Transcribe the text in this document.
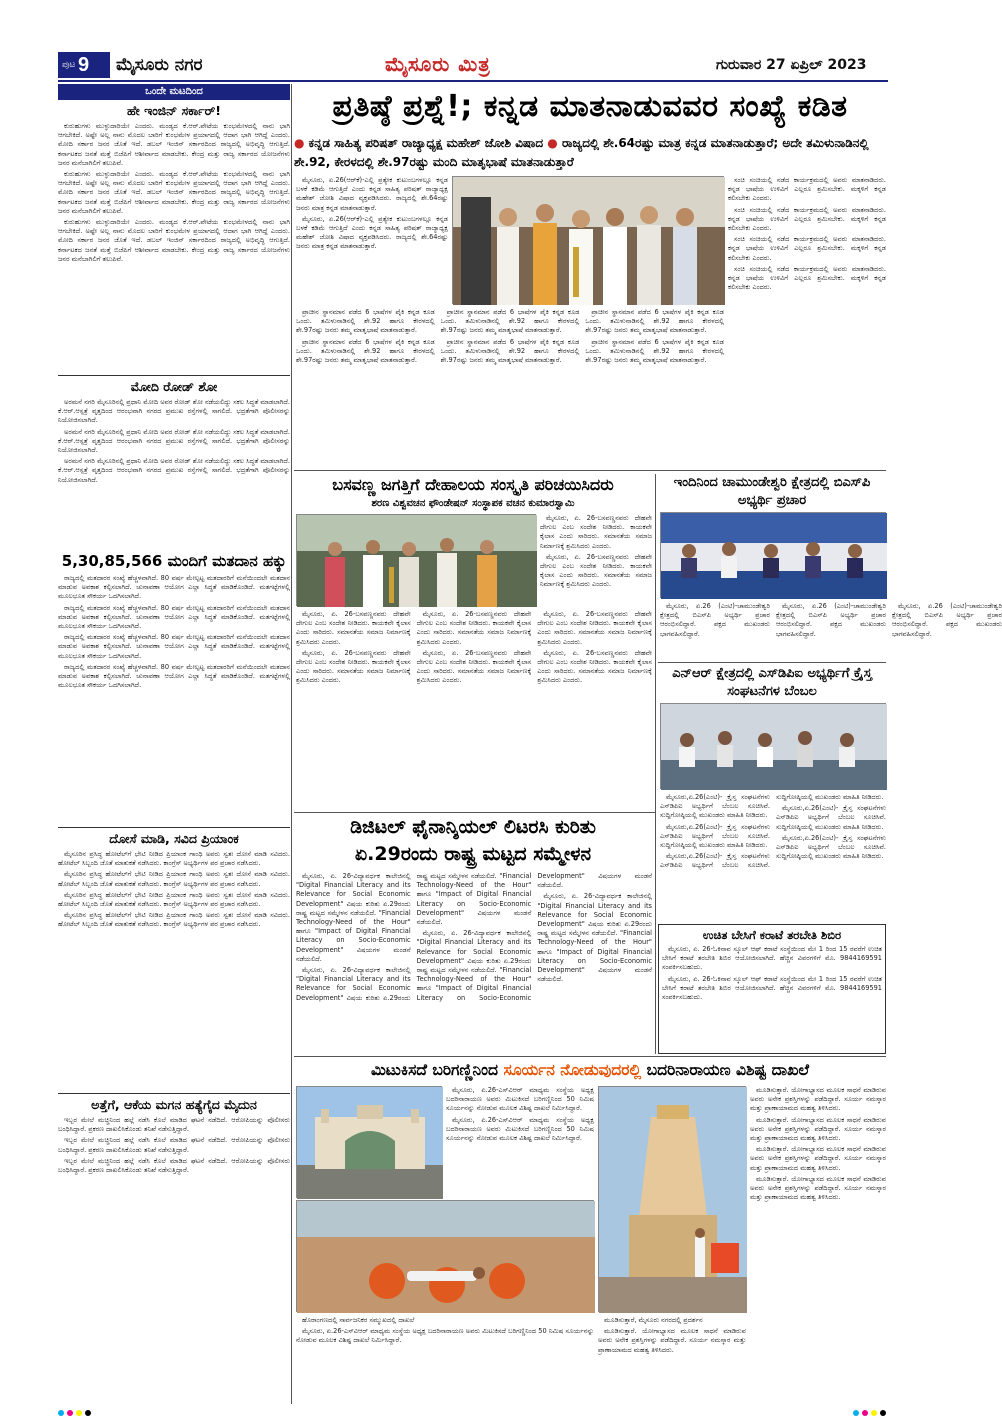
ಪುಟ 9 ಮೈಸೂರು ನಗರ	ಮೈಸೂರು ಮಿತ್ರ	ಗುರುವಾರ 27 ಏಪ್ರಿಲ್ 2023
ಒಂದೇ ಮಟದಿಂದ
ಹೇ ಇಂಜಿನ್ ಸರ್ಕಾರ್!

ಕುರುಹುಗಳು ಮುಳ್ಳುದಾರಿಯೇ ಎಂದರು. ಮಂಡ್ಯದ ಕೆ.ಆರ್.ಪೇಟೆಯ ಕುಂಭಮೇಳದಲ್ಲಿ ನಾನು ಭಾಗಿ ಆಗಬೇಕಿದೆ. ಅಷ್ಟೇ ಅಲ್ಲ ನಾನು ಮೊದಲ ಬಾರಿಗೆ ಕುಂಭಮೇಳ ಪ್ರಯಾಗದಲ್ಲಿ ಆದಾಗ ಭಾಗಿ ಆಗಿದ್ದೆ ಎಂದರು. ಮೋದಿ ಸರ್ಕಾರ ಜನರ ಜೊತೆ ಇದೆ. ಡಬಲ್ ಇಂಜಿನ್ ಸರ್ಕಾರದಿಂದ ರಾಜ್ಯದಲ್ಲಿ ಅಭಿವೃದ್ಧಿ ಆಗುತ್ತಿದೆ. ಕರ್ನಾಟಕದ ಜನತೆ ಮತ್ತೆ ಬಿಜೆಪಿಗೆ ಆಶೀರ್ವಾದ ಮಾಡಬೇಕು. ಕೇಂದ್ರ ಮತ್ತು ರಾಜ್ಯ ಸರ್ಕಾರದ ಯೋಜನೆಗಳು ಜನರ ಮನೆಬಾಗಿಲಿಗೆ ತಲುಪಿವೆ.

ಕುರುಹುಗಳು ಮುಳ್ಳುದಾರಿಯೇ ಎಂದರು. ಮಂಡ್ಯದ ಕೆ.ಆರ್.ಪೇಟೆಯ ಕುಂಭಮೇಳದಲ್ಲಿ ನಾನು ಭಾಗಿ ಆಗಬೇಕಿದೆ. ಅಷ್ಟೇ ಅಲ್ಲ ನಾನು ಮೊದಲ ಬಾರಿಗೆ ಕುಂಭಮೇಳ ಪ್ರಯಾಗದಲ್ಲಿ ಆದಾಗ ಭಾಗಿ ಆಗಿದ್ದೆ ಎಂದರು. ಮೋದಿ ಸರ್ಕಾರ ಜನರ ಜೊತೆ ಇದೆ. ಡಬಲ್ ಇಂಜಿನ್ ಸರ್ಕಾರದಿಂದ ರಾಜ್ಯದಲ್ಲಿ ಅಭಿವೃದ್ಧಿ ಆಗುತ್ತಿದೆ. ಕರ್ನಾಟಕದ ಜನತೆ ಮತ್ತೆ ಬಿಜೆಪಿಗೆ ಆಶೀರ್ವಾದ ಮಾಡಬೇಕು. ಕೇಂದ್ರ ಮತ್ತು ರಾಜ್ಯ ಸರ್ಕಾರದ ಯೋಜನೆಗಳು ಜನರ ಮನೆಬಾಗಿಲಿಗೆ ತಲುಪಿವೆ.

ಕುರುಹುಗಳು ಮುಳ್ಳುದಾರಿಯೇ ಎಂದರು. ಮಂಡ್ಯದ ಕೆ.ಆರ್.ಪೇಟೆಯ ಕುಂಭಮೇಳದಲ್ಲಿ ನಾನು ಭಾಗಿ ಆಗಬೇಕಿದೆ. ಅಷ್ಟೇ ಅಲ್ಲ ನಾನು ಮೊದಲ ಬಾರಿಗೆ ಕುಂಭಮೇಳ ಪ್ರಯಾಗದಲ್ಲಿ ಆದಾಗ ಭಾಗಿ ಆಗಿದ್ದೆ ಎಂದರು. ಮೋದಿ ಸರ್ಕಾರ ಜನರ ಜೊತೆ ಇದೆ. ಡಬಲ್ ಇಂಜಿನ್ ಸರ್ಕಾರದಿಂದ ರಾಜ್ಯದಲ್ಲಿ ಅಭಿವೃದ್ಧಿ ಆಗುತ್ತಿದೆ. ಕರ್ನಾಟಕದ ಜನತೆ ಮತ್ತೆ ಬಿಜೆಪಿಗೆ ಆಶೀರ್ವಾದ ಮಾಡಬೇಕು. ಕೇಂದ್ರ ಮತ್ತು ರಾಜ್ಯ ಸರ್ಕಾರದ ಯೋಜನೆಗಳು ಜನರ ಮನೆಬಾಗಿಲಿಗೆ ತಲುಪಿವೆ.

ಮೋದಿ ರೋಡ್ ಶೋ

ಅರಮನೆ ನಗರಿ ಮೈಸೂರಿನಲ್ಲಿ ಪ್ರಧಾನಿ ಮೋದಿ ಅವರ ರೋಡ್ ಶೋ ನಡೆಯಲಿದ್ದು ಸಕಲ ಸಿದ್ಧತೆ ಮಾಡಲಾಗಿದೆ. ಕೆ.ಆರ್.ಆಸ್ಪತ್ರೆ ವೃತ್ತದಿಂದ ಆರಂಭವಾಗಿ ನಗರದ ಪ್ರಮುಖ ರಸ್ತೆಗಳಲ್ಲಿ ಸಾಗಲಿದೆ. ಭದ್ರತೆಗಾಗಿ ಪೊಲೀಸರನ್ನು ನಿಯೋಜಿಸಲಾಗಿದೆ.

ಅರಮನೆ ನಗರಿ ಮೈಸೂರಿನಲ್ಲಿ ಪ್ರಧಾನಿ ಮೋದಿ ಅವರ ರೋಡ್ ಶೋ ನಡೆಯಲಿದ್ದು ಸಕಲ ಸಿದ್ಧತೆ ಮಾಡಲಾಗಿದೆ. ಕೆ.ಆರ್.ಆಸ್ಪತ್ರೆ ವೃತ್ತದಿಂದ ಆರಂಭವಾಗಿ ನಗರದ ಪ್ರಮುಖ ರಸ್ತೆಗಳಲ್ಲಿ ಸಾಗಲಿದೆ. ಭದ್ರತೆಗಾಗಿ ಪೊಲೀಸರನ್ನು ನಿಯೋಜಿಸಲಾಗಿದೆ.

ಅರಮನೆ ನಗರಿ ಮೈಸೂರಿನಲ್ಲಿ ಪ್ರಧಾನಿ ಮೋದಿ ಅವರ ರೋಡ್ ಶೋ ನಡೆಯಲಿದ್ದು ಸಕಲ ಸಿದ್ಧತೆ ಮಾಡಲಾಗಿದೆ. ಕೆ.ಆರ್.ಆಸ್ಪತ್ರೆ ವೃತ್ತದಿಂದ ಆರಂಭವಾಗಿ ನಗರದ ಪ್ರಮುಖ ರಸ್ತೆಗಳಲ್ಲಿ ಸಾಗಲಿದೆ. ಭದ್ರತೆಗಾಗಿ ಪೊಲೀಸರನ್ನು ನಿಯೋಜಿಸಲಾಗಿದೆ.

5,30,85,566 ಮಂದಿಗೆ ಮತದಾನ ಹಕ್ಕು

ರಾಜ್ಯದಲ್ಲಿ ಮತದಾರರ ಸಂಖ್ಯೆ ಹೆಚ್ಚಳವಾಗಿದೆ. 80 ವರ್ಷ ಮೇಲ್ಪಟ್ಟ ಮತದಾರರಿಗೆ ಮನೆಯಿಂದಲೇ ಮತದಾನ ಮಾಡುವ ಅವಕಾಶ ಕಲ್ಪಿಸಲಾಗಿದೆ. ಚುನಾವಣಾ ಆಯೋಗ ಎಲ್ಲಾ ಸಿದ್ಧತೆ ಮಾಡಿಕೊಂಡಿದೆ. ಮತಗಟ್ಟೆಗಳಲ್ಲಿ ಮೂಲಭೂತ ಸೌಕರ್ಯ ಒದಗಿಸಲಾಗಿದೆ.

ರಾಜ್ಯದಲ್ಲಿ ಮತದಾರರ ಸಂಖ್ಯೆ ಹೆಚ್ಚಳವಾಗಿದೆ. 80 ವರ್ಷ ಮೇಲ್ಪಟ್ಟ ಮತದಾರರಿಗೆ ಮನೆಯಿಂದಲೇ ಮತದಾನ ಮಾಡುವ ಅವಕಾಶ ಕಲ್ಪಿಸಲಾಗಿದೆ. ಚುನಾವಣಾ ಆಯೋಗ ಎಲ್ಲಾ ಸಿದ್ಧತೆ ಮಾಡಿಕೊಂಡಿದೆ. ಮತಗಟ್ಟೆಗಳಲ್ಲಿ ಮೂಲಭೂತ ಸೌಕರ್ಯ ಒದಗಿಸಲಾಗಿದೆ.

ರಾಜ್ಯದಲ್ಲಿ ಮತದಾರರ ಸಂಖ್ಯೆ ಹೆಚ್ಚಳವಾಗಿದೆ. 80 ವರ್ಷ ಮೇಲ್ಪಟ್ಟ ಮತದಾರರಿಗೆ ಮನೆಯಿಂದಲೇ ಮತದಾನ ಮಾಡುವ ಅವಕಾಶ ಕಲ್ಪಿಸಲಾಗಿದೆ. ಚುನಾವಣಾ ಆಯೋಗ ಎಲ್ಲಾ ಸಿದ್ಧತೆ ಮಾಡಿಕೊಂಡಿದೆ. ಮತಗಟ್ಟೆಗಳಲ್ಲಿ ಮೂಲಭೂತ ಸೌಕರ್ಯ ಒದಗಿಸಲಾಗಿದೆ.

ರಾಜ್ಯದಲ್ಲಿ ಮತದಾರರ ಸಂಖ್ಯೆ ಹೆಚ್ಚಳವಾಗಿದೆ. 80 ವರ್ಷ ಮೇಲ್ಪಟ್ಟ ಮತದಾರರಿಗೆ ಮನೆಯಿಂದಲೇ ಮತದಾನ ಮಾಡುವ ಅವಕಾಶ ಕಲ್ಪಿಸಲಾಗಿದೆ. ಚುನಾವಣಾ ಆಯೋಗ ಎಲ್ಲಾ ಸಿದ್ಧತೆ ಮಾಡಿಕೊಂಡಿದೆ. ಮತಗಟ್ಟೆಗಳಲ್ಲಿ ಮೂಲಭೂತ ಸೌಕರ್ಯ ಒದಗಿಸಲಾಗಿದೆ.

ದೋಸೆ ಮಾಡಿ, ಸವಿದ ಪ್ರಿಯಾಂಕ

ಮೈಸೂರಿನ ಪ್ರಸಿದ್ಧ ಹೋಟೆಲ್‌ಗೆ ಭೇಟಿ ನೀಡಿದ ಪ್ರಿಯಾಂಕ ಗಾಂಧಿ ಅವರು ಸ್ವತಃ ದೋಸೆ ಮಾಡಿ ಸವಿದರು. ಹೋಟೆಲ್ ಸಿಬ್ಬಂದಿ ಜೊತೆ ಮಾತುಕತೆ ನಡೆಸಿದರು. ಕಾಂಗ್ರೆಸ್ ಅಭ್ಯರ್ಥಿಗಳ ಪರ ಪ್ರಚಾರ ನಡೆಸಿದರು.

ಮೈಸೂರಿನ ಪ್ರಸಿದ್ಧ ಹೋಟೆಲ್‌ಗೆ ಭೇಟಿ ನೀಡಿದ ಪ್ರಿಯಾಂಕ ಗಾಂಧಿ ಅವರು ಸ್ವತಃ ದೋಸೆ ಮಾಡಿ ಸವಿದರು. ಹೋಟೆಲ್ ಸಿಬ್ಬಂದಿ ಜೊತೆ ಮಾತುಕತೆ ನಡೆಸಿದರು. ಕಾಂಗ್ರೆಸ್ ಅಭ್ಯರ್ಥಿಗಳ ಪರ ಪ್ರಚಾರ ನಡೆಸಿದರು.

ಮೈಸೂರಿನ ಪ್ರಸಿದ್ಧ ಹೋಟೆಲ್‌ಗೆ ಭೇಟಿ ನೀಡಿದ ಪ್ರಿಯಾಂಕ ಗಾಂಧಿ ಅವರು ಸ್ವತಃ ದೋಸೆ ಮಾಡಿ ಸವಿದರು. ಹೋಟೆಲ್ ಸಿಬ್ಬಂದಿ ಜೊತೆ ಮಾತುಕತೆ ನಡೆಸಿದರು. ಕಾಂಗ್ರೆಸ್ ಅಭ್ಯರ್ಥಿಗಳ ಪರ ಪ್ರಚಾರ ನಡೆಸಿದರು.

ಮೈಸೂರಿನ ಪ್ರಸಿದ್ಧ ಹೋಟೆಲ್‌ಗೆ ಭೇಟಿ ನೀಡಿದ ಪ್ರಿಯಾಂಕ ಗಾಂಧಿ ಅವರು ಸ್ವತಃ ದೋಸೆ ಮಾಡಿ ಸವಿದರು. ಹೋಟೆಲ್ ಸಿಬ್ಬಂದಿ ಜೊತೆ ಮಾತುಕತೆ ನಡೆಸಿದರು. ಕಾಂಗ್ರೆಸ್ ಅಭ್ಯರ್ಥಿಗಳ ಪರ ಪ್ರಚಾರ ನಡೆಸಿದರು.

ಅತ್ತೆಗೆ, ಆಕೆಯ ಮಗನ ಹತ್ಯೆಗೈದ ಮೈದುನ

ಇಬ್ಬರ ಮೇಲೆ ಮಚ್ಚಿನಿಂದ ಹಲ್ಲೆ ನಡೆಸಿ ಕೊಲೆ ಮಾಡಿದ ಘಟನೆ ನಡೆದಿದೆ. ಆರೋಪಿಯನ್ನು ಪೊಲೀಸರು ಬಂಧಿಸಿದ್ದಾರೆ. ಪ್ರಕರಣ ದಾಖಲಿಸಿಕೊಂಡು ತನಿಖೆ ನಡೆಸುತ್ತಿದ್ದಾರೆ.

ಇಬ್ಬರ ಮೇಲೆ ಮಚ್ಚಿನಿಂದ ಹಲ್ಲೆ ನಡೆಸಿ ಕೊಲೆ ಮಾಡಿದ ಘಟನೆ ನಡೆದಿದೆ. ಆರೋಪಿಯನ್ನು ಪೊಲೀಸರು ಬಂಧಿಸಿದ್ದಾರೆ. ಪ್ರಕರಣ ದಾಖಲಿಸಿಕೊಂಡು ತನಿಖೆ ನಡೆಸುತ್ತಿದ್ದಾರೆ.

ಇಬ್ಬರ ಮೇಲೆ ಮಚ್ಚಿನಿಂದ ಹಲ್ಲೆ ನಡೆಸಿ ಕೊಲೆ ಮಾಡಿದ ಘಟನೆ ನಡೆದಿದೆ. ಆರೋಪಿಯನ್ನು ಪೊಲೀಸರು ಬಂಧಿಸಿದ್ದಾರೆ. ಪ್ರಕರಣ ದಾಖಲಿಸಿಕೊಂಡು ತನಿಖೆ ನಡೆಸುತ್ತಿದ್ದಾರೆ.

ಪ್ರತಿಷ್ಠೆ ಪ್ರಶ್ನೆ!; ಕನ್ನಡ ಮಾತನಾಡುವವರ ಸಂಖ್ಯೆ ಕಡಿತ
● ಕನ್ನಡ ಸಾಹಿತ್ಯ ಪರಿಷತ್ ರಾಜ್ಯಾಧ್ಯಕ್ಷ ಮಹೇಶ್ ಜೋಶಿ ವಿಷಾದ ● ರಾಜ್ಯದಲ್ಲಿ ಶೇ.64ರಷ್ಟು ಮಾತ್ರ ಕನ್ನಡ ಮಾತನಾಡುತ್ತಾರೆ; ಅದೇ ತಮಿಳುನಾಡಿನಲ್ಲಿ ಶೇ.92, ಕೇರಳದಲ್ಲಿ ಶೇ.97ರಷ್ಟು ಮಂದಿ ಮಾತೃಭಾಷೆ ಮಾತನಾಡುತ್ತಾರೆ

ಮೈಸೂರು, ಏ.26(ಆರ್‌ಕೆ)-ಎಲ್ಲಿ ಪ್ರತ್ಯೇಕ ಕುಟುಂಬಗಳಲ್ಲೂ ಕನ್ನಡ ಬಳಕೆ ಕಡಿಮೆ ಆಗುತ್ತಿದೆ ಎಂದು ಕನ್ನಡ ಸಾಹಿತ್ಯ ಪರಿಷತ್ ರಾಜ್ಯಾಧ್ಯಕ್ಷ ಮಹೇಶ್ ಜೋಶಿ ವಿಷಾದ ವ್ಯಕ್ತಪಡಿಸಿದರು. ರಾಜ್ಯದಲ್ಲಿ ಶೇ.64ರಷ್ಟು ಜನರು ಮಾತ್ರ ಕನ್ನಡ ಮಾತನಾಡುತ್ತಾರೆ.

ಮೈಸೂರು, ಏ.26(ಆರ್‌ಕೆ)-ಎಲ್ಲಿ ಪ್ರತ್ಯೇಕ ಕುಟುಂಬಗಳಲ್ಲೂ ಕನ್ನಡ ಬಳಕೆ ಕಡಿಮೆ ಆಗುತ್ತಿದೆ ಎಂದು ಕನ್ನಡ ಸಾಹಿತ್ಯ ಪರಿಷತ್ ರಾಜ್ಯಾಧ್ಯಕ್ಷ ಮಹೇಶ್ ಜೋಶಿ ವಿಷಾದ ವ್ಯಕ್ತಪಡಿಸಿದರು. ರಾಜ್ಯದಲ್ಲಿ ಶೇ.64ರಷ್ಟು ಜನರು ಮಾತ್ರ ಕನ್ನಡ ಮಾತನಾಡುತ್ತಾರೆ.

ಸಂಚಿ ಸಂಚಿಯಲ್ಲಿ ನಡೆದ ಕಾರ್ಯಕ್ರಮದಲ್ಲಿ ಅವರು ಮಾತನಾಡಿದರು. ಕನ್ನಡ ಭಾಷೆಯ ಉಳಿವಿಗೆ ಎಲ್ಲರೂ ಶ್ರಮಿಸಬೇಕು. ಮಕ್ಕಳಿಗೆ ಕನ್ನಡ ಕಲಿಸಬೇಕು ಎಂದರು.

ಸಂಚಿ ಸಂಚಿಯಲ್ಲಿ ನಡೆದ ಕಾರ್ಯಕ್ರಮದಲ್ಲಿ ಅವರು ಮಾತನಾಡಿದರು. ಕನ್ನಡ ಭಾಷೆಯ ಉಳಿವಿಗೆ ಎಲ್ಲರೂ ಶ್ರಮಿಸಬೇಕು. ಮಕ್ಕಳಿಗೆ ಕನ್ನಡ ಕಲಿಸಬೇಕು ಎಂದರು.

ಸಂಚಿ ಸಂಚಿಯಲ್ಲಿ ನಡೆದ ಕಾರ್ಯಕ್ರಮದಲ್ಲಿ ಅವರು ಮಾತನಾಡಿದರು. ಕನ್ನಡ ಭಾಷೆಯ ಉಳಿವಿಗೆ ಎಲ್ಲರೂ ಶ್ರಮಿಸಬೇಕು. ಮಕ್ಕಳಿಗೆ ಕನ್ನಡ ಕಲಿಸಬೇಕು ಎಂದರು.

ಸಂಚಿ ಸಂಚಿಯಲ್ಲಿ ನಡೆದ ಕಾರ್ಯಕ್ರಮದಲ್ಲಿ ಅವರು ಮಾತನಾಡಿದರು. ಕನ್ನಡ ಭಾಷೆಯ ಉಳಿವಿಗೆ ಎಲ್ಲರೂ ಶ್ರಮಿಸಬೇಕು. ಮಕ್ಕಳಿಗೆ ಕನ್ನಡ ಕಲಿಸಬೇಕು ಎಂದರು.

ಪ್ರಾಚೀನ ಸ್ಥಾನಮಾನ ಪಡೆದ 6 ಭಾಷೆಗಳ ಪೈಕಿ ಕನ್ನಡ ಕೂಡ ಒಂದು. ತಮಿಳುನಾಡಿನಲ್ಲಿ ಶೇ.92 ಹಾಗೂ ಕೇರಳದಲ್ಲಿ ಶೇ.97ರಷ್ಟು ಜನರು ತಮ್ಮ ಮಾತೃಭಾಷೆ ಮಾತನಾಡುತ್ತಾರೆ.

ಪ್ರಾಚೀನ ಸ್ಥಾನಮಾನ ಪಡೆದ 6 ಭಾಷೆಗಳ ಪೈಕಿ ಕನ್ನಡ ಕೂಡ ಒಂದು. ತಮಿಳುನಾಡಿನಲ್ಲಿ ಶೇ.92 ಹಾಗೂ ಕೇರಳದಲ್ಲಿ ಶೇ.97ರಷ್ಟು ಜನರು ತಮ್ಮ ಮಾತೃಭಾಷೆ ಮಾತನಾಡುತ್ತಾರೆ.

ಪ್ರಾಚೀನ ಸ್ಥಾನಮಾನ ಪಡೆದ 6 ಭಾಷೆಗಳ ಪೈಕಿ ಕನ್ನಡ ಕೂಡ ಒಂದು. ತಮಿಳುನಾಡಿನಲ್ಲಿ ಶೇ.92 ಹಾಗೂ ಕೇರಳದಲ್ಲಿ ಶೇ.97ರಷ್ಟು ಜನರು ತಮ್ಮ ಮಾತೃಭಾಷೆ ಮಾತನಾಡುತ್ತಾರೆ.

ಪ್ರಾಚೀನ ಸ್ಥಾನಮಾನ ಪಡೆದ 6 ಭಾಷೆಗಳ ಪೈಕಿ ಕನ್ನಡ ಕೂಡ ಒಂದು. ತಮಿಳುನಾಡಿನಲ್ಲಿ ಶೇ.92 ಹಾಗೂ ಕೇರಳದಲ್ಲಿ ಶೇ.97ರಷ್ಟು ಜನರು ತಮ್ಮ ಮಾತೃಭಾಷೆ ಮಾತನಾಡುತ್ತಾರೆ.

ಪ್ರಾಚೀನ ಸ್ಥಾನಮಾನ ಪಡೆದ 6 ಭಾಷೆಗಳ ಪೈಕಿ ಕನ್ನಡ ಕೂಡ ಒಂದು. ತಮಿಳುನಾಡಿನಲ್ಲಿ ಶೇ.92 ಹಾಗೂ ಕೇರಳದಲ್ಲಿ ಶೇ.97ರಷ್ಟು ಜನರು ತಮ್ಮ ಮಾತೃಭಾಷೆ ಮಾತನಾಡುತ್ತಾರೆ.

ಪ್ರಾಚೀನ ಸ್ಥಾನಮಾನ ಪಡೆದ 6 ಭಾಷೆಗಳ ಪೈಕಿ ಕನ್ನಡ ಕೂಡ ಒಂದು. ತಮಿಳುನಾಡಿನಲ್ಲಿ ಶೇ.92 ಹಾಗೂ ಕೇರಳದಲ್ಲಿ ಶೇ.97ರಷ್ಟು ಜನರು ತಮ್ಮ ಮಾತೃಭಾಷೆ ಮಾತನಾಡುತ್ತಾರೆ.

ಬಸವಣ್ಣ ಜಗತ್ತಿಗೆ ದೇಹಾಲಯ ಸಂಸ್ಕೃತಿ ಪರಿಚಯಿಸಿದರು
ಶರಣ ವಿಶ್ವವಚನ ಫೌಂಡೇಷನ್ ಸಂಸ್ಥಾಪಕ ವಚನ ಕುಮಾರಸ್ವಾಮಿ

ಮೈಸೂರು, ಏ. 26-ಬಸವಣ್ಣನವರು ದೇಹವೇ ದೇಗುಲ ಎಂಬ ಸಂದೇಶ ನೀಡಿದರು. ಕಾಯಕವೇ ಕೈಲಾಸ ಎಂದು ಸಾರಿದರು. ಸಮಾನತೆಯ ಸಮಾಜ ನಿರ್ಮಾಣಕ್ಕೆ ಶ್ರಮಿಸಿದರು ಎಂದರು.

ಮೈಸೂರು, ಏ. 26-ಬಸವಣ್ಣನವರು ದೇಹವೇ ದೇಗುಲ ಎಂಬ ಸಂದೇಶ ನೀಡಿದರು. ಕಾಯಕವೇ ಕೈಲಾಸ ಎಂದು ಸಾರಿದರು. ಸಮಾನತೆಯ ಸಮಾಜ ನಿರ್ಮಾಣಕ್ಕೆ ಶ್ರಮಿಸಿದರು ಎಂದರು.

ಮೈಸೂರು, ಏ. 26-ಬಸವಣ್ಣನವರು ದೇಹವೇ ದೇಗುಲ ಎಂಬ ಸಂದೇಶ ನೀಡಿದರು. ಕಾಯಕವೇ ಕೈಲಾಸ ಎಂದು ಸಾರಿದರು. ಸಮಾನತೆಯ ಸಮಾಜ ನಿರ್ಮಾಣಕ್ಕೆ ಶ್ರಮಿಸಿದರು ಎಂದರು.

ಮೈಸೂರು, ಏ. 26-ಬಸವಣ್ಣನವರು ದೇಹವೇ ದೇಗುಲ ಎಂಬ ಸಂದೇಶ ನೀಡಿದರು. ಕಾಯಕವೇ ಕೈಲಾಸ ಎಂದು ಸಾರಿದರು. ಸಮಾನತೆಯ ಸಮಾಜ ನಿರ್ಮಾಣಕ್ಕೆ ಶ್ರಮಿಸಿದರು ಎಂದರು.

ಮೈಸೂರು, ಏ. 26-ಬಸವಣ್ಣನವರು ದೇಹವೇ ದೇಗುಲ ಎಂಬ ಸಂದೇಶ ನೀಡಿದರು. ಕಾಯಕವೇ ಕೈಲಾಸ ಎಂದು ಸಾರಿದರು. ಸಮಾನತೆಯ ಸಮಾಜ ನಿರ್ಮಾಣಕ್ಕೆ ಶ್ರಮಿಸಿದರು ಎಂದರು.

ಮೈಸೂರು, ಏ. 26-ಬಸವಣ್ಣನವರು ದೇಹವೇ ದೇಗುಲ ಎಂಬ ಸಂದೇಶ ನೀಡಿದರು. ಕಾಯಕವೇ ಕೈಲಾಸ ಎಂದು ಸಾರಿದರು. ಸಮಾನತೆಯ ಸಮಾಜ ನಿರ್ಮಾಣಕ್ಕೆ ಶ್ರಮಿಸಿದರು ಎಂದರು.

ಮೈಸೂರು, ಏ. 26-ಬಸವಣ್ಣನವರು ದೇಹವೇ ದೇಗುಲ ಎಂಬ ಸಂದೇಶ ನೀಡಿದರು. ಕಾಯಕವೇ ಕೈಲಾಸ ಎಂದು ಸಾರಿದರು. ಸಮಾನತೆಯ ಸಮಾಜ ನಿರ್ಮಾಣಕ್ಕೆ ಶ್ರಮಿಸಿದರು ಎಂದರು.

ಮೈಸೂರು, ಏ. 26-ಬಸವಣ್ಣನವರು ದೇಹವೇ ದೇಗುಲ ಎಂಬ ಸಂದೇಶ ನೀಡಿದರು. ಕಾಯಕವೇ ಕೈಲಾಸ ಎಂದು ಸಾರಿದರು. ಸಮಾನತೆಯ ಸಮಾಜ ನಿರ್ಮಾಣಕ್ಕೆ ಶ್ರಮಿಸಿದರು ಎಂದರು.

ಇಂದಿನಿಂದ ಚಾಮುಂಡೇಶ್ವರಿ ಕ್ಷೇತ್ರದಲ್ಲಿ ಬಿಎಸ್‌ಪಿ ಅಭ್ಯರ್ಥಿ ಪ್ರಚಾರ

ಮೈಸೂರು, ಏ.26 (ಎಂಟಿ)-ಚಾಮುಂಡೇಶ್ವರಿ ಕ್ಷೇತ್ರದಲ್ಲಿ ಬಿಎಸ್‌ಪಿ ಅಭ್ಯರ್ಥಿ ಪ್ರಚಾರ ಆರಂಭಿಸಲಿದ್ದಾರೆ. ಪಕ್ಷದ ಮುಖಂಡರು ಭಾಗವಹಿಸಲಿದ್ದಾರೆ.

ಮೈಸೂರು, ಏ.26 (ಎಂಟಿ)-ಚಾಮುಂಡೇಶ್ವರಿ ಕ್ಷೇತ್ರದಲ್ಲಿ ಬಿಎಸ್‌ಪಿ ಅಭ್ಯರ್ಥಿ ಪ್ರಚಾರ ಆರಂಭಿಸಲಿದ್ದಾರೆ. ಪಕ್ಷದ ಮುಖಂಡರು ಭಾಗವಹಿಸಲಿದ್ದಾರೆ.

ಮೈಸೂರು, ಏ.26 (ಎಂಟಿ)-ಚಾಮುಂಡೇಶ್ವರಿ ಕ್ಷೇತ್ರದಲ್ಲಿ ಬಿಎಸ್‌ಪಿ ಅಭ್ಯರ್ಥಿ ಪ್ರಚಾರ ಆರಂಭಿಸಲಿದ್ದಾರೆ. ಪಕ್ಷದ ಮುಖಂಡರು ಭಾಗವಹಿಸಲಿದ್ದಾರೆ.

ಎನ್‌ಆರ್ ಕ್ಷೇತ್ರದಲ್ಲಿ ಎಸ್‌ಡಿಪಿಐ ಅಭ್ಯರ್ಥಿಗೆ ಕ್ರೈಸ್ತ ಸಂಘಟನೆಗಳ ಬೆಂಬಲ

ಮೈಸೂರು,ಏ.26(ಎಂಟಿ)- ಕ್ರೈಸ್ತ ಸಂಘಟನೆಗಳು ಎಸ್‌ಡಿಪಿಐ ಅಭ್ಯರ್ಥಿಗೆ ಬೆಂಬಲ ಸೂಚಿಸಿವೆ. ಸುದ್ದಿಗೋಷ್ಠಿಯಲ್ಲಿ ಮುಖಂಡರು ಮಾಹಿತಿ ನೀಡಿದರು.

ಮೈಸೂರು,ಏ.26(ಎಂಟಿ)- ಕ್ರೈಸ್ತ ಸಂಘಟನೆಗಳು ಎಸ್‌ಡಿಪಿಐ ಅಭ್ಯರ್ಥಿಗೆ ಬೆಂಬಲ ಸೂಚಿಸಿವೆ. ಸುದ್ದಿಗೋಷ್ಠಿಯಲ್ಲಿ ಮುಖಂಡರು ಮಾಹಿತಿ ನೀಡಿದರು.

ಮೈಸೂರು,ಏ.26(ಎಂಟಿ)- ಕ್ರೈಸ್ತ ಸಂಘಟನೆಗಳು ಎಸ್‌ಡಿಪಿಐ ಅಭ್ಯರ್ಥಿಗೆ ಬೆಂಬಲ ಸೂಚಿಸಿವೆ. ಸುದ್ದಿಗೋಷ್ಠಿಯಲ್ಲಿ ಮುಖಂಡರು ಮಾಹಿತಿ ನೀಡಿದರು.

ಮೈಸೂರು,ಏ.26(ಎಂಟಿ)- ಕ್ರೈಸ್ತ ಸಂಘಟನೆಗಳು ಎಸ್‌ಡಿಪಿಐ ಅಭ್ಯರ್ಥಿಗೆ ಬೆಂಬಲ ಸೂಚಿಸಿವೆ. ಸುದ್ದಿಗೋಷ್ಠಿಯಲ್ಲಿ ಮುಖಂಡರು ಮಾಹಿತಿ ನೀಡಿದರು.

ಮೈಸೂರು,ಏ.26(ಎಂಟಿ)- ಕ್ರೈಸ್ತ ಸಂಘಟನೆಗಳು ಎಸ್‌ಡಿಪಿಐ ಅಭ್ಯರ್ಥಿಗೆ ಬೆಂಬಲ ಸೂಚಿಸಿವೆ. ಸುದ್ದಿಗೋಷ್ಠಿಯಲ್ಲಿ ಮುಖಂಡರು ಮಾಹಿತಿ ನೀಡಿದರು.

ಉಚಿತ ಬೇಸಿಗೆ ಕರಾಟೆ ತರಬೇತಿ ಶಿಬಿರ

ಮೈಸೂರು, ಏ. 26-ಓಕಿನಾವ ಸ್ಕೂಲ್ ಆಫ್ ಕರಾಟೆ ಸಂಸ್ಥೆಯಿಂದ ಮೇ 1 ರಿಂದ 15 ರವರೆಗೆ ಉಚಿತ ಬೇಸಿಗೆ ಕರಾಟೆ ತರಬೇತಿ ಶಿಬಿರ ಆಯೋಜಿಸಲಾಗಿದೆ. ಹೆಚ್ಚಿನ ವಿವರಗಳಿಗೆ ಮೊ. 9844169591 ಸಂಪರ್ಕಿಸಬಹುದು.

ಮೈಸೂರು, ಏ. 26-ಓಕಿನಾವ ಸ್ಕೂಲ್ ಆಫ್ ಕರಾಟೆ ಸಂಸ್ಥೆಯಿಂದ ಮೇ 1 ರಿಂದ 15 ರವರೆಗೆ ಉಚಿತ ಬೇಸಿಗೆ ಕರಾಟೆ ತರಬೇತಿ ಶಿಬಿರ ಆಯೋಜಿಸಲಾಗಿದೆ. ಹೆಚ್ಚಿನ ವಿವರಗಳಿಗೆ ಮೊ. 9844169591 ಸಂಪರ್ಕಿಸಬಹುದು.

ಡಿಜಿಟಲ್ ಫೈನಾನ್ಶಿಯಲ್ ಲಿಟರಸಿ ಕುರಿತು
ಏ.29ರಂದು ರಾಷ್ಟ್ರ ಮಟ್ಟದ ಸಮ್ಮೇಳನ

ಮೈಸೂರು, ಏ. 26-ವಿದ್ಯಾವರ್ಧಕ ಕಾಲೇಜಿನಲ್ಲಿ "Digital Financial Literacy and its Relevance for Social Economic Development" ವಿಷಯ ಕುರಿತು ಏ.29ರಂದು ರಾಷ್ಟ್ರ ಮಟ್ಟದ ಸಮ್ಮೇಳನ ನಡೆಯಲಿದೆ. "Financial Technology-Need of the Hour" ಹಾಗೂ "Impact of Digital Financial Literacy on Socio-Economic Development" ವಿಷಯಗಳ ಮಂಡನೆ ನಡೆಯಲಿದೆ.

ಮೈಸೂರು, ಏ. 26-ವಿದ್ಯಾವರ್ಧಕ ಕಾಲೇಜಿನಲ್ಲಿ "Digital Financial Literacy and its Relevance for Social Economic Development" ವಿಷಯ ಕುರಿತು ಏ.29ರಂದು ರಾಷ್ಟ್ರ ಮಟ್ಟದ ಸಮ್ಮೇಳನ ನಡೆಯಲಿದೆ. "Financial Technology-Need of the Hour" ಹಾಗೂ "Impact of Digital Financial Literacy on Socio-Economic Development" ವಿಷಯಗಳ ಮಂಡನೆ ನಡೆಯಲಿದೆ.

ಮೈಸೂರು, ಏ. 26-ವಿದ್ಯಾವರ್ಧಕ ಕಾಲೇಜಿನಲ್ಲಿ "Digital Financial Literacy and its Relevance for Social Economic Development" ವಿಷಯ ಕುರಿತು ಏ.29ರಂದು ರಾಷ್ಟ್ರ ಮಟ್ಟದ ಸಮ್ಮೇಳನ ನಡೆಯಲಿದೆ. "Financial Technology-Need of the Hour" ಹಾಗೂ "Impact of Digital Financial Literacy on Socio-Economic Development" ವಿಷಯಗಳ ಮಂಡನೆ ನಡೆಯಲಿದೆ.

ಮೈಸೂರು, ಏ. 26-ವಿದ್ಯಾವರ್ಧಕ ಕಾಲೇಜಿನಲ್ಲಿ "Digital Financial Literacy and its Relevance for Social Economic Development" ವಿಷಯ ಕುರಿತು ಏ.29ರಂದು ರಾಷ್ಟ್ರ ಮಟ್ಟದ ಸಮ್ಮೇಳನ ನಡೆಯಲಿದೆ. "Financial Technology-Need of the Hour" ಹಾಗೂ "Impact of Digital Financial Literacy on Socio-Economic Development" ವಿಷಯಗಳ ಮಂಡನೆ ನಡೆಯಲಿದೆ.

ಮಿಟುಕಿಸದೆ ಬರಿಗಣ್ಣಿನಿಂದ ಸೂರ್ಯನ ನೋಡುವುದರಲ್ಲಿ ಬದರಿನಾರಾಯಣ ವಿಶಿಷ್ಟ ದಾಖಲೆ

ಮೈಸೂರು, ಏ.26-ಎಸ್‌ವಿಆರ್ ಮಾಧ್ಯಮ ಸಂಸ್ಥೆಯ ಅಧ್ಯಕ್ಷ ಬದರಿನಾರಾಯಣ ಅವರು ಮಿಟುಕಿಸದೆ ಬರಿಗಣ್ಣಿನಿಂದ 50 ನಿಮಿಷ ಸೂರ್ಯನನ್ನು ನೋಡುವ ಮೂಲಕ ವಿಶಿಷ್ಟ ದಾಖಲೆ ನಿರ್ಮಿಸಿದ್ದಾರೆ.

ಮೈಸೂರು, ಏ.26-ಎಸ್‌ವಿಆರ್ ಮಾಧ್ಯಮ ಸಂಸ್ಥೆಯ ಅಧ್ಯಕ್ಷ ಬದರಿನಾರಾಯಣ ಅವರು ಮಿಟುಕಿಸದೆ ಬರಿಗಣ್ಣಿನಿಂದ 50 ನಿಮಿಷ ಸೂರ್ಯನನ್ನು ನೋಡುವ ಮೂಲಕ ವಿಶಿಷ್ಟ ದಾಖಲೆ ನಿರ್ಮಿಸಿದ್ದಾರೆ.

ಮೂಡಿಸುತ್ತಾರೆ. ಯೋಗಾಭ್ಯಾಸದ ಮೂಲಕ ಸಾಧನೆ ಮಾಡಿರುವ ಅವರು ಅನೇಕ ಪ್ರಶಸ್ತಿಗಳನ್ನು ಪಡೆದಿದ್ದಾರೆ. ಸೂರ್ಯ ನಮಸ್ಕಾರ ಮತ್ತು ಪ್ರಾಣಾಯಾಮದ ಮಹತ್ವ ತಿಳಿಸಿದರು.

ಮೂಡಿಸುತ್ತಾರೆ. ಯೋಗಾಭ್ಯಾಸದ ಮೂಲಕ ಸಾಧನೆ ಮಾಡಿರುವ ಅವರು ಅನೇಕ ಪ್ರಶಸ್ತಿಗಳನ್ನು ಪಡೆದಿದ್ದಾರೆ. ಸೂರ್ಯ ನಮಸ್ಕಾರ ಮತ್ತು ಪ್ರಾಣಾಯಾಮದ ಮಹತ್ವ ತಿಳಿಸಿದರು.

ಮೂಡಿಸುತ್ತಾರೆ. ಯೋಗಾಭ್ಯಾಸದ ಮೂಲಕ ಸಾಧನೆ ಮಾಡಿರುವ ಅವರು ಅನೇಕ ಪ್ರಶಸ್ತಿಗಳನ್ನು ಪಡೆದಿದ್ದಾರೆ. ಸೂರ್ಯ ನಮಸ್ಕಾರ ಮತ್ತು ಪ್ರಾಣಾಯಾಮದ ಮಹತ್ವ ತಿಳಿಸಿದರು.

ಮೂಡಿಸುತ್ತಾರೆ. ಯೋಗಾಭ್ಯಾಸದ ಮೂಲಕ ಸಾಧನೆ ಮಾಡಿರುವ ಅವರು ಅನೇಕ ಪ್ರಶಸ್ತಿಗಳನ್ನು ಪಡೆದಿದ್ದಾರೆ. ಸೂರ್ಯ ನಮಸ್ಕಾರ ಮತ್ತು ಪ್ರಾಣಾಯಾಮದ ಮಹತ್ವ ತಿಳಿಸಿದರು.

ಹೊರಾಂಗಣದಲ್ಲಿ ಸಾರ್ವಜನಿಕರ ಸಮ್ಮುಖದಲ್ಲಿ ದಾಖಲೆ

ಮೈಸೂರು, ಏ.26-ಎಸ್‌ವಿಆರ್ ಮಾಧ್ಯಮ ಸಂಸ್ಥೆಯ ಅಧ್ಯಕ್ಷ ಬದರಿನಾರಾಯಣ ಅವರು ಮಿಟುಕಿಸದೆ ಬರಿಗಣ್ಣಿನಿಂದ 50 ನಿಮಿಷ ಸೂರ್ಯನನ್ನು ನೋಡುವ ಮೂಲಕ ವಿಶಿಷ್ಟ ದಾಖಲೆ ನಿರ್ಮಿಸಿದ್ದಾರೆ.

ಮೂಡಿಸುತ್ತಾರೆ, ಮೈಸೂರು ನಗರದಲ್ಲಿ ಪ್ರದರ್ಶನ

ಮೂಡಿಸುತ್ತಾರೆ. ಯೋಗಾಭ್ಯಾಸದ ಮೂಲಕ ಸಾಧನೆ ಮಾಡಿರುವ ಅವರು ಅನೇಕ ಪ್ರಶಸ್ತಿಗಳನ್ನು ಪಡೆದಿದ್ದಾರೆ. ಸೂರ್ಯ ನಮಸ್ಕಾರ ಮತ್ತು ಪ್ರಾಣಾಯಾಮದ ಮಹತ್ವ ತಿಳಿಸಿದರು.
